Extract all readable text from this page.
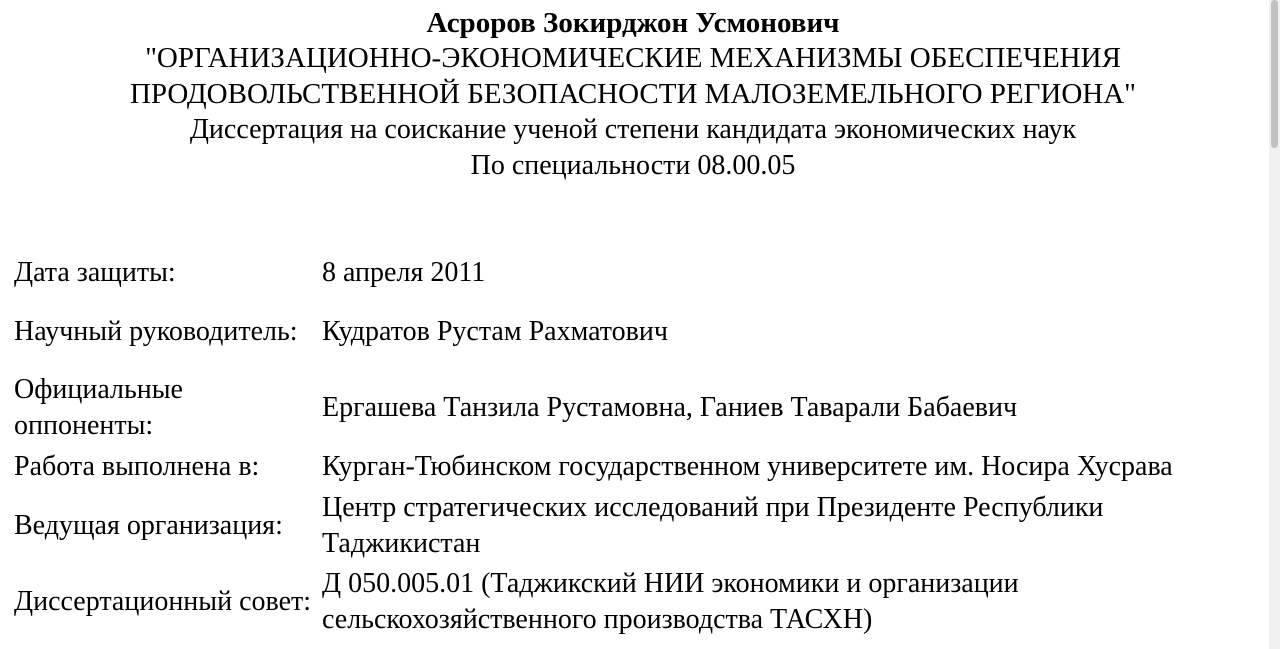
Асроров Зокирджон Усмонович
"ОРГАНИЗАЦИОННО-ЭКОНОМИЧЕСКИЕ МЕХАНИЗМЫ ОБЕСПЕЧЕНИЯ
ПРОДОВОЛЬСТВЕННОЙ БЕЗОПАСНОСТИ МАЛОЗЕМЕЛЬНОГО РЕГИОНА"
Диссертация на соискание ученой степени кандидата экономических наук
По специальности 08.00.05
Дата защиты:	8 апреля 2011
Научный руководитель:	Кудратов Рустам Рахматович
Официальные оппоненты:	Ергашева Танзила Рустамовна, Ганиев Таварали Бабаевич
Работа выполнена в:	Курган-Тюбинском государственном университете им. Носира Хусрава
Ведущая организация:	Центр стратегических исследований при Президенте Республики Таджикистан
Диссертационный совет:	Д 050.005.01 (Таджикский НИИ экономики и организации сельскохозяйственного производства ТАСХН)
